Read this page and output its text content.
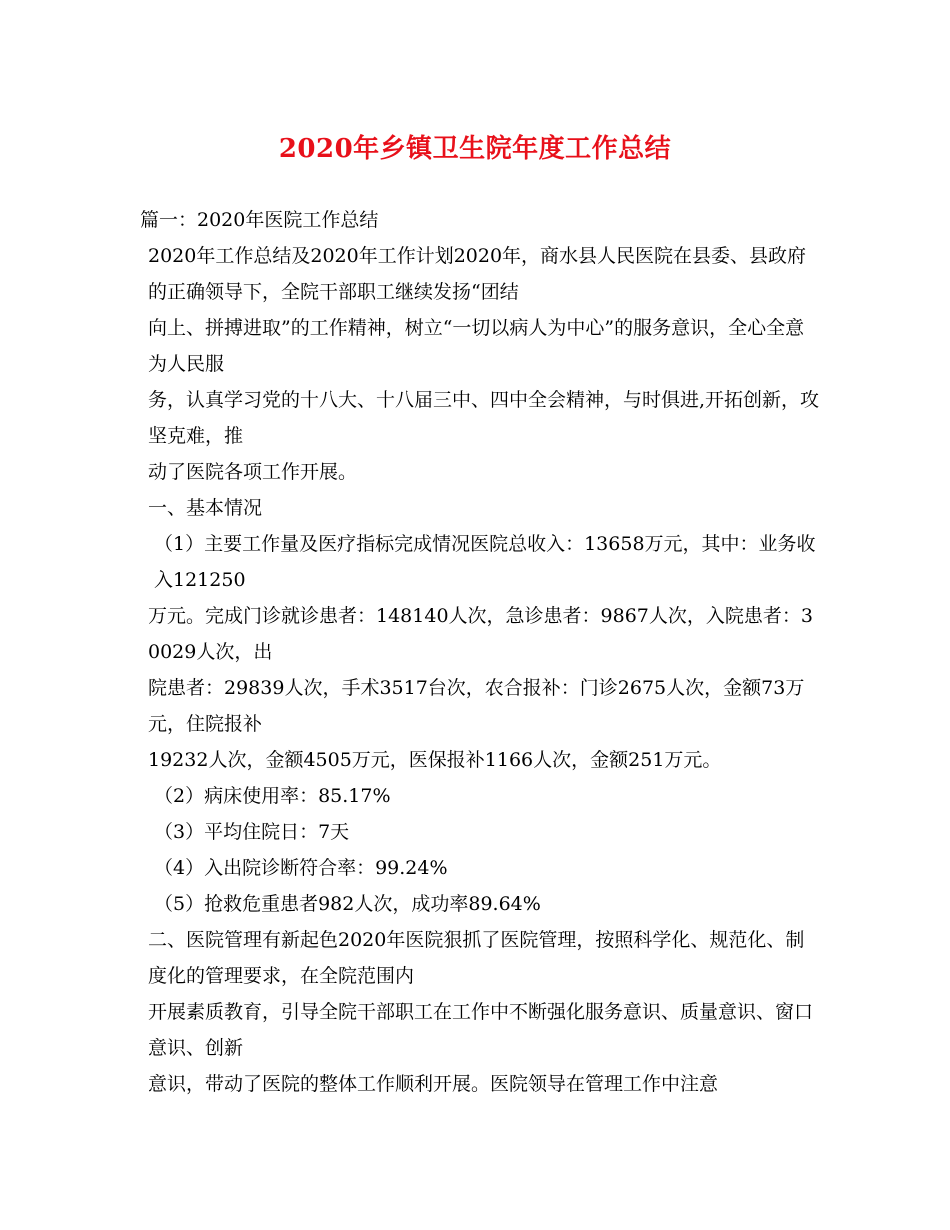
2020年乡镇卫生院年度工作总结

篇一：2020年医院工作总结

2020年工作总结及2020年工作计划2020年，商水县人民医院在县委、县政府的正确领导下，全院干部职工继续发扬“团结

向上、拼搏进取”的工作精神，树立“一切以病人为中心”的服务意识，全心全意为人民服

务，认真学习党的十八大、十八届三中、四中全会精神，与时俱进,开拓创新，攻坚克难，推

动了医院各项工作开展。

一、基本情况

（1）主要工作量及医疗指标完成情况医院总收入：13658万元，其中：业务收入121250

万元。完成门诊就诊患者：148140人次，急诊患者：9867人次，入院患者：30029人次，出

院患者：29839人次，手术3517台次，农合报补：门诊2675人次，金额73万元，住院报补

19232人次，金额4505万元，医保报补1166人次，金额251万元。

（2）病床使用率：85.17%

（3）平均住院日：7天

（4）入出院诊断符合率：99.24%

（5）抢救危重患者982人次，成功率89.64%

二、医院管理有新起色2020年医院狠抓了医院管理，按照科学化、规范化、制度化的管理要求，在全院范围内

开展素质教育，引导全院干部职工在工作中不断强化服务意识、质量意识、窗口意识、创新

意识，带动了医院的整体工作顺利开展。医院领导在管理工作中注意
